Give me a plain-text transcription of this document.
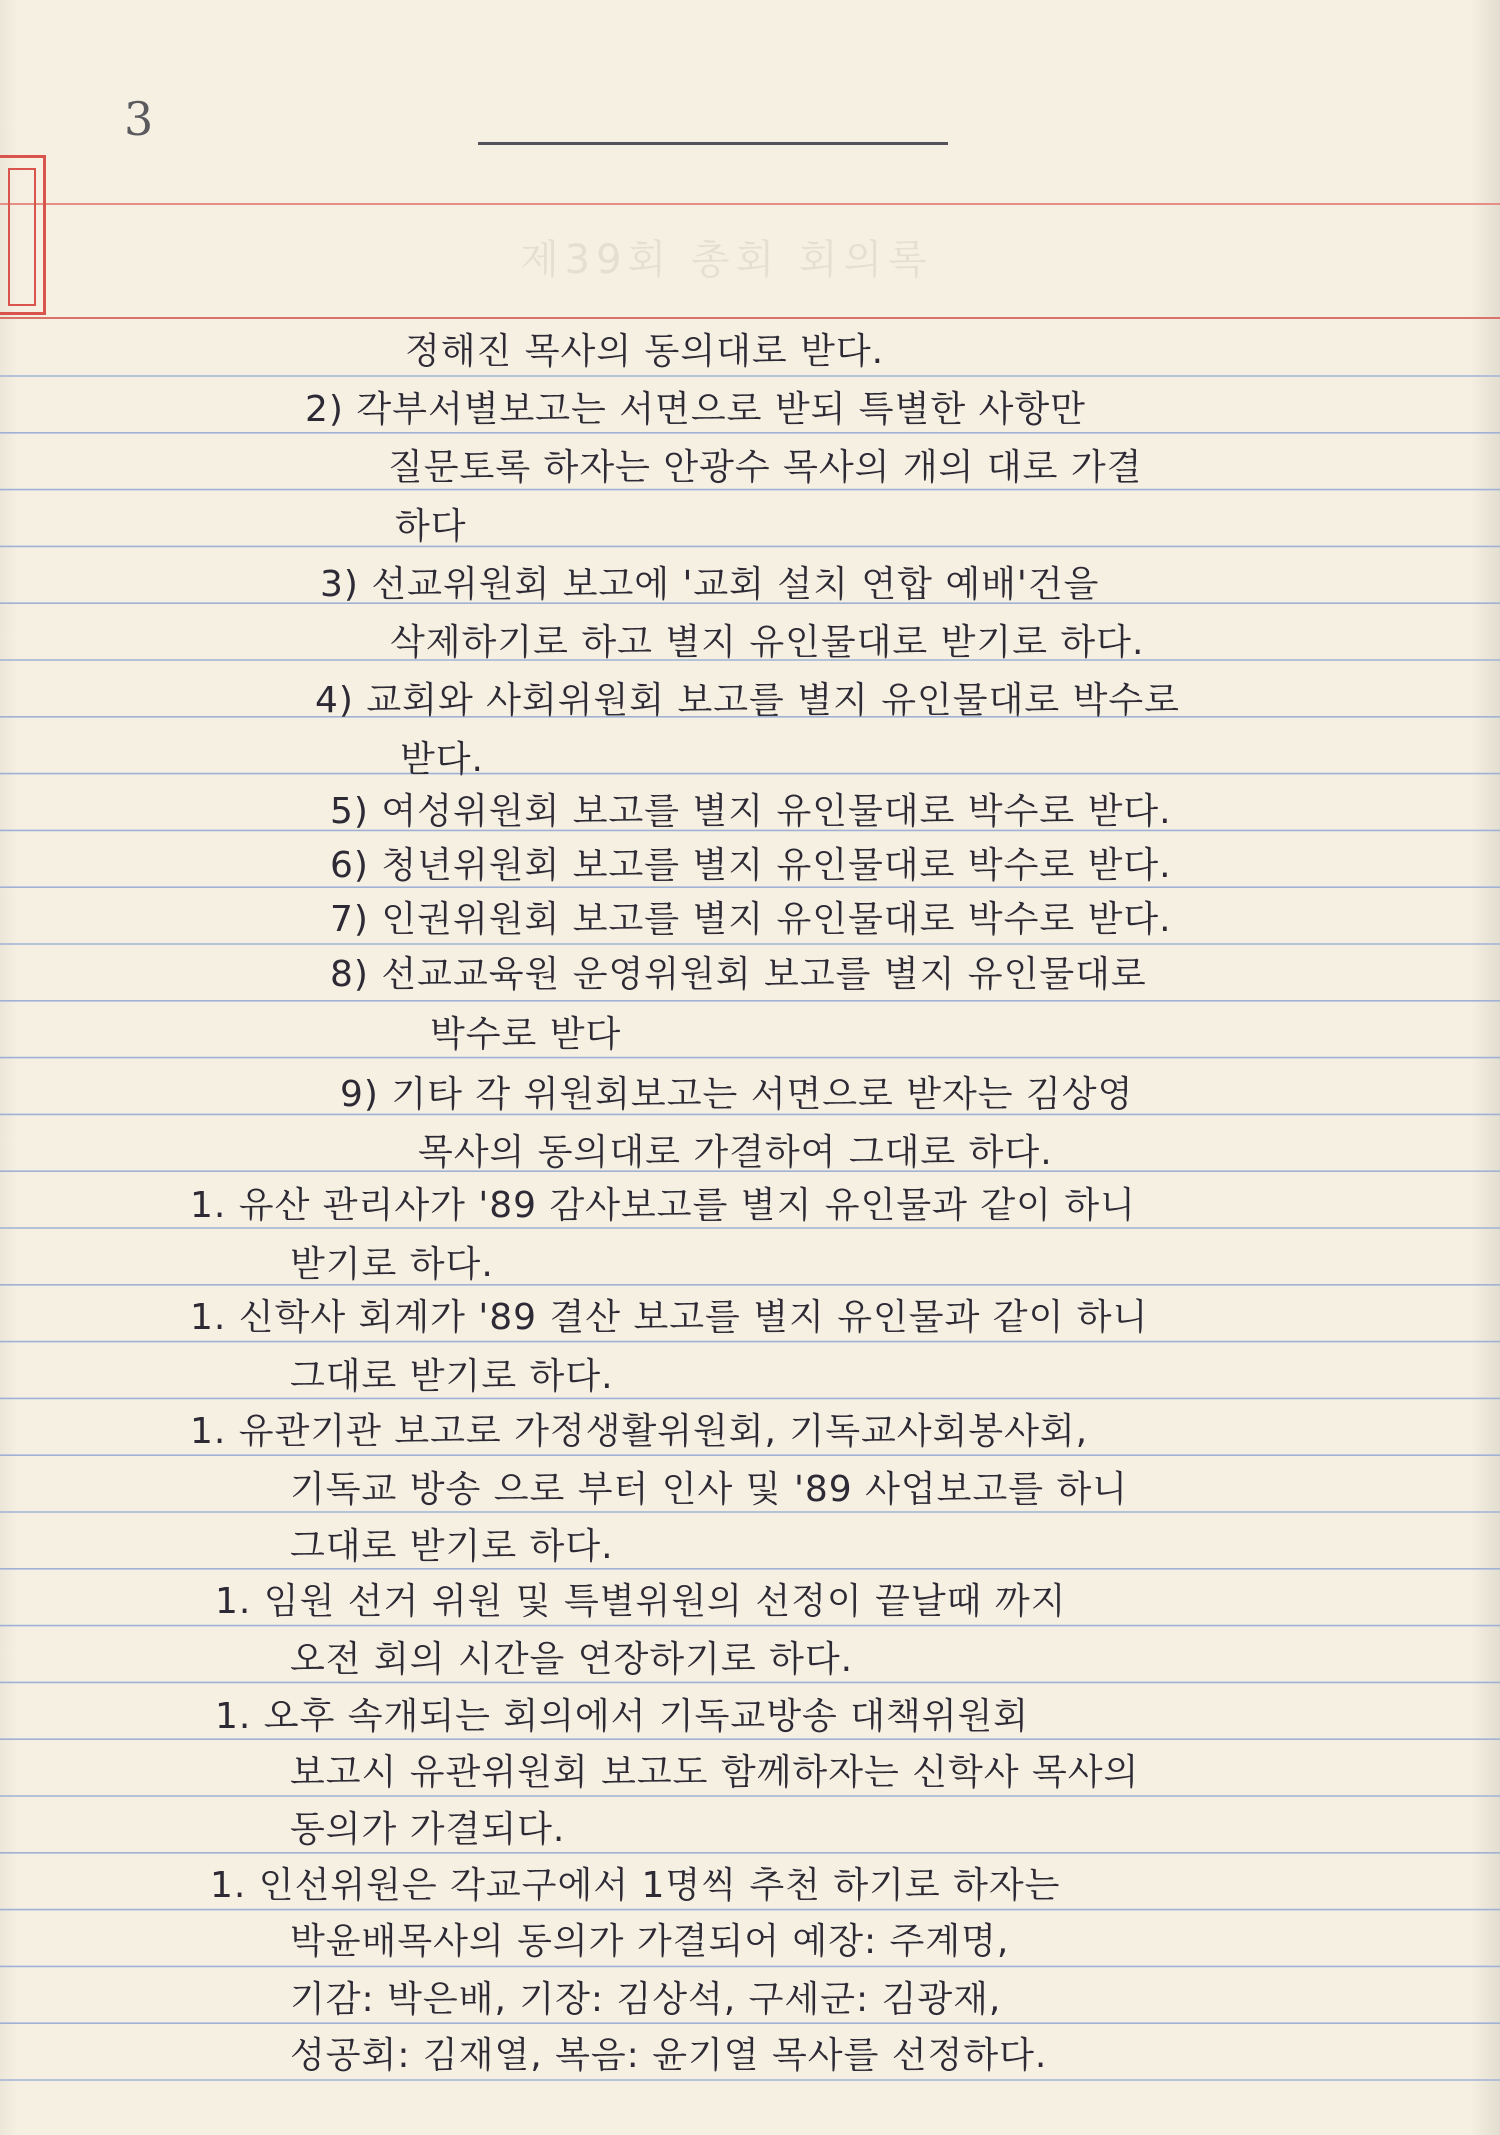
3
제39회 총회 회의록
정해진 목사의 동의대로 받다.
2) 각부서별보고는 서면으로 받되 특별한 사항만
질문토록 하자는 안광수 목사의 개의 대로 가결
하다
3) 선교위원회 보고에 '교회 설치 연합 예배'건을
삭제하기로 하고 별지 유인물대로 받기로 하다.
4) 교회와 사회위원회 보고를 별지 유인물대로 박수로
받다.
5) 여성위원회 보고를 별지 유인물대로 박수로 받다.
6) 청년위원회 보고를 별지 유인물대로 박수로 받다.
7) 인권위원회 보고를 별지 유인물대로 박수로 받다.
8) 선교교육원 운영위원회 보고를 별지 유인물대로
박수로 받다
9) 기타 각 위원회보고는 서면으로 받자는 김상영
목사의 동의대로 가결하여 그대로 하다.
1. 유산 관리사가 '89 감사보고를 별지 유인물과 같이 하니
받기로 하다.
1. 신학사 회계가 '89 결산 보고를 별지 유인물과 같이 하니
그대로 받기로 하다.
1. 유관기관 보고로 가정생활위원회, 기독교사회봉사회,
기독교 방송 으로 부터 인사 및 '89 사업보고를 하니
그대로 받기로 하다.
1. 임원 선거 위원 및 특별위원의 선정이 끝날때 까지
오전 회의 시간을 연장하기로 하다.
1. 오후 속개되는 회의에서 기독교방송 대책위원회
보고시 유관위원회 보고도 함께하자는 신학사 목사의
동의가 가결되다.
1. 인선위원은 각교구에서 1명씩 추천 하기로 하자는
박윤배목사의 동의가 가결되어 예장: 주계명,
기감: 박은배, 기장: 김상석, 구세군: 김광재,
성공회: 김재열, 복음: 윤기열 목사를 선정하다.
